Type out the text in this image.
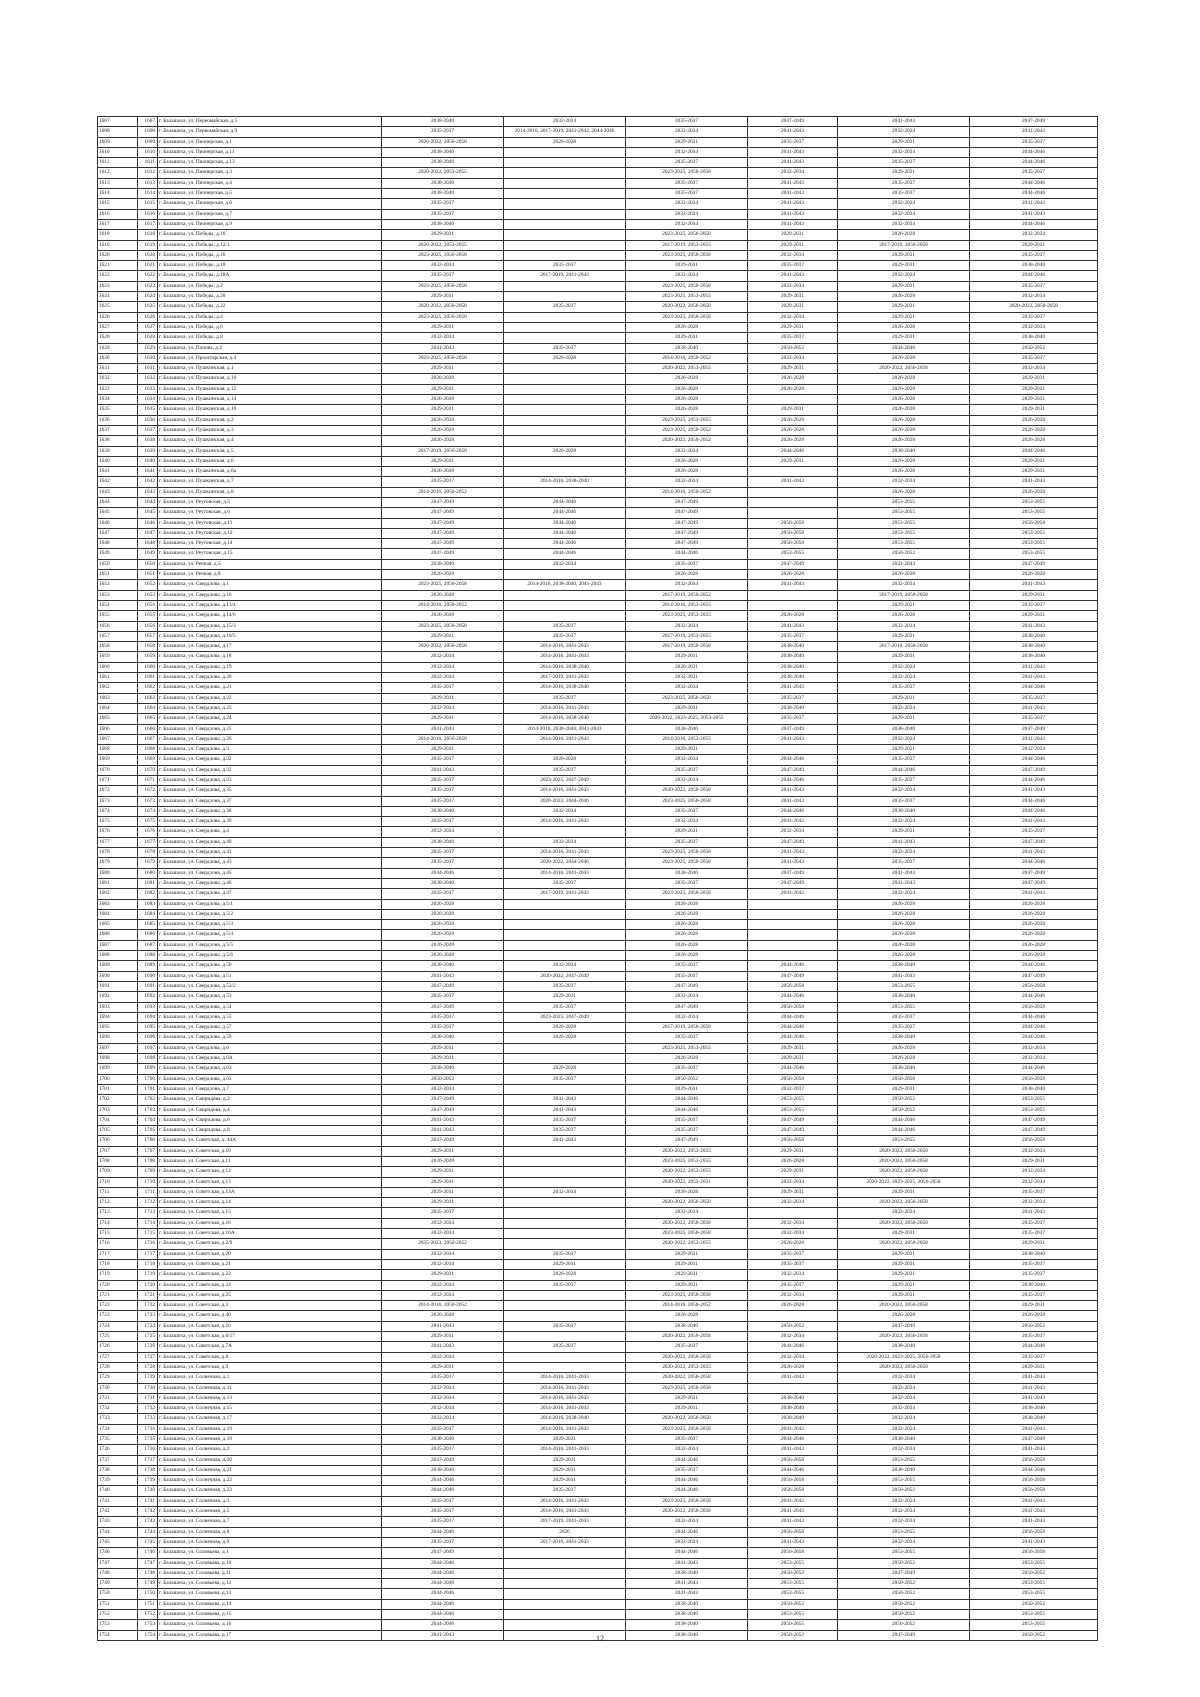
1607	1607	г. Балашиха, ул. Первомайская, д.5	2038-2040	2032-2034	2035-2037	2047-2049	2041-2043	2047-2049
1608	1608	г. Балашиха, ул. Первомайская, д.9	2035-2037	2014-2016, 2017-2019, 2041-2043, 2044-2046	2032-2034	2041-2043	2032-2034	2041-2043
1609	1609	г. Балашиха, ул. Пионерская, д.1	2020-2022, 2056-2058	2026-2028	2029-2031	2035-2037	2029-2031	2035-2037
1610	1610	г. Балашиха, ул. Пионерская, д.11	2038-2040		2032-2034	2041-2043	2032-2034	2044-2046
1611	1611	г. Балашиха, ул. Пионерская, д.13	2038-2040		2035-2037	2041-2043	2035-2037	2044-2046
1612	1612	г. Балашиха, ул. Пионерская, д.3	2020-2022, 2053-2055		2023-2025, 2056-2058	2032-2034	2029-2031	2035-2037
1613	1613	г. Балашиха, ул. Пионерская, д.4	2038-2040		2035-2037	2041-2043	2035-2037	2044-2046
1614	1614	г. Балашиха, ул. Пионерская, д.5	2038-2040		2035-2037	2041-2043	2035-2037	2044-2046
1615	1615	г. Балашиха, ул. Пионерская, д.6	2035-2037		2032-2034	2041-2043	2032-2034	2041-2043
1616	1616	г. Балашиха, ул. Пионерская, д.7	2035-2037		2032-2034	2041-2043	2032-2034	2041-2043
1617	1617	г. Балашиха, ул. Пионерская, д.9	2038-2040		2032-2034	2041-2043	2032-2034	2044-2046
1618	1618	г. Балашиха, ул. Победы, д.10	2029-2031		2023-2025, 2056-2058	2029-2031	2026-2028	2032-2034
1619	1619	г. Балашиха, ул. Победы, д.12/1	2020-2022, 2053-2055		2017-2019, 2053-2055	2029-2031	2017-2019, 2056-2058	2029-2031
1620	1620	г. Балашиха, ул. Победы, д.16	2023-2025, 2056-2058		2023-2025, 2056-2058	2032-2034	2029-2031	2035-2037
1621	1621	г. Балашиха, ул. Победы, д.18	2032-2034	2035-2037	2029-2031	2035-2037	2029-2031	2038-2040
1622	1622	г. Балашиха, ул. Победы, д.18А	2035-2037	2017-2019, 2041-2043	2032-2034	2041-2043	2032-2034	2044-2046
1623	1623	г. Балашиха, ул. Победы, д.2	2023-2025, 2056-2058		2023-2025, 2056-2058	2032-2034	2029-2031	2035-2037
1624	1624	г. Балашиха, ул. Победы, д.20	2029-2031		2023-2025, 2053-2055	2029-2031	2026-2028	2032-2034
1625	1625	г. Балашиха, ул. Победы, д.22	2020-2022, 2056-2058	2035-2037	2020-2022, 2056-2058	2029-2031	2029-2031	2020-2022, 2056-2058
1626	1626	г. Балашиха, ул. Победы, д.4	2023-2025, 2056-2058		2023-2025, 2056-2058	2032-2034	2029-2031	2035-2037
1627	1627	г. Балашиха, ул. Победы, д.6	2029-2031		2026-2028	2029-2031	2026-2028	2032-2034
1628	1628	г. Балашиха, ул. Победы, д.8	2032-2034		2029-2031	2035-2037	2029-2031	2038-2040
1629	1629	г. Балашиха, ул. Попова, д.2	2041-2043	2035-2037	2038-2040	2050-2052	2044-2046	2050-2052
1630	1630	г. Балашиха, ул. Пролетарская, д.4	2023-2025, 2056-2058	2026-2028	2014-2016, 2050-2052	2032-2034	2026-2028	2035-2037
1631	1631	г. Балашиха, ул. Пушкинская, д.1	2029-2031		2020-2022, 2053-2055	2029-2031	2020-2022, 2056-2058	2032-2034
1632	1632	г. Балашиха, ул. Пушкинская, д.10	2026-2028		2026-2028	2026-2028	2026-2028	2029-2031
1633	1633	г. Балашиха, ул. Пушкинская, д.12	2029-2031		2026-2028	2026-2028	2026-2028	2029-2031
1634	1634	г. Балашиха, ул. Пушкинская, д.14	2026-2028		2026-2028		2026-2028	2029-2031
1635	1635	г. Балашиха, ул. Пушкинская, д.16	2029-2031		2026-2028	2029-2031	2026-2028	2029-2031
1636	1636	г. Балашиха, ул. Пушкинская, д.2	2026-2028		2023-2025, 2053-2055	2026-2028	2026-2028	2026-2028
1637	1637	г. Балашиха, ул. Пушкинская, д.3	2026-2028		2023-2025, 2050-2052	2026-2028	2026-2028	2026-2028
1638	1638	г. Балашиха, ул. Пушкинская, д.4	2026-2028		2020-2022, 2050-2052	2026-2028	2026-2028	2026-2028
1639	1639	г. Балашиха, ул. Пушкинская, д.5	2017-2019, 2056-2058	2026-2028	2032-2034	2044-2046	2038-2040	2044-2046
1640	1640	г. Балашиха, ул. Пушкинская, д.6	2029-2031		2026-2028	2029-2031	2026-2028	2029-2031
1641	1641	г. Балашиха, ул. Пушкинская, д.6а	2026-2028		2026-2028		2026-2028	2029-2031
1642	1642	г. Балашиха, ул. Пушкинская, д.7	2035-2037	2014-2016, 2038-2040	2032-2034	2041-2043	2032-2034	2041-2043
1643	1643	г. Балашиха, ул. Пушкинская, д.8	2014-2016, 2050-2052		2014-2016, 2050-2052		2026-2028	2026-2028
1644	1644	г. Балашиха, ул. Реутовская, д.5	2047-2049	2044-2046	2047-2049		2053-2055	2053-2055
1645	1645	г. Балашиха, ул. Реутовская, д.6	2047-2049	2044-2046	2047-2049		2053-2055	2053-2055
1646	1646	г. Балашиха, ул. Реутовская, д.11	2047-2049	2044-2046	2047-2049	2056-2058	2053-2055	2056-2058
1647	1647	г. Балашиха, ул. Реутовская, д.12	2047-2049	2044-2046	2047-2049	2056-2058	2053-2055	2053-2055
1648	1648	г. Балашиха, ул. Реутовская, д.14	2047-2049	2044-2046	2047-2049	2056-2058	2053-2055	2053-2055
1649	1649	г. Балашиха, ул. Реутовская, д.15	2047-2049	2044-2046	2044-2046	2053-2055	2050-2052	2053-2055
1650	1650	г. Балашиха, ул. Речная, д.5	2038-2040	2032-2034	2035-2037	2047-2049	2041-2043	2047-2049
1651	1651	г. Балашиха, ул. Речная, д.8	2026-2028		2026-2028	2026-2028	2026-2028	2026-2028
1652	1652	г. Балашиха, ул. Свердлова, д.1	2023-2025, 2056-2058	2014-2016, 2038-2040, 2041-2043	2032-2034	2041-2043	2032-2034	2041-2043
1653	1653	г. Балашиха, ул. Свердлова, д.10	2026-2028		2017-2019, 2050-2052		2017-2019, 2056-2058	2029-2031
1654	1654	г. Балашиха, ул. Свердлова, д.13/4	2014-2016, 2050-2052		2014-2016, 2053-2055		2029-2031	2035-2037
1655	1655	г. Балашиха, ул. Свердлова, д.14/6	2026-2028		2023-2025, 2053-2055	2026-2028	2026-2028	2029-2031
1656	1656	г. Балашиха, ул. Свердлова, д.15/3	2023-2025, 2056-2058	2035-2037	2032-2034	2041-2043	2032-2034	2041-2043
1657	1657	г. Балашиха, ул. Свердлова, д.16/5	2029-2031	2035-2037	2017-2019, 2053-2055	2035-2037	2029-2031	2038-2040
1658	1658	г. Балашиха, ул. Свердлова, д.17	2020-2022, 2056-2058	2014-2016, 2041-2043	2017-2019, 2056-2058	2038-2040	2017-2019, 2056-2058	2038-2040
1659	1659	г. Балашиха, ул. Свердлова, д.18	2032-2034	2014-2016, 2041-2043	2029-2031	2038-2040	2029-2031	2038-2040
1660	1660	г. Балашиха, ул. Свердлова, д.19	2032-2034	2014-2016, 2038-2040	2020-2031	2038-2040	2032-2034	2041-2043
1661	1661	г. Балашиха, ул. Свердлова, д.20	2032-2034	2017-2019, 2041-2043	2032-2031	2038-2040	2032-2034	2041-2043
1662	1662	г. Балашиха, ул. Свердлова, д.21	2035-2037	2014-2016, 2038-2040	2032-2034	2041-2043	2035-2037	2044-2046
1663	1663	г. Балашиха, ул. Свердлова, д.22	2029-2031	2035-2037	2023-2025, 2056-2058	2035-2037	2029-2031	2035-2037
1664	1664	г. Балашиха, ул. Свердлова, д.23	2032-2034	2014-2016, 2041-2043	2029-2031	2038-2040	2032-2034	2041-2043
1665	1665	г. Балашиха, ул. Свердлова, д.24	2029-2031	2014-2016, 2038-2040	2020-2022, 2023-2025, 2053-2055	2035-2037	2029-2031	2035-2037
1666	1666	г. Балашиха, ул. Свердлова, д.25	2041-2043	2014-2016, 2038-2040, 2041-2043	2038-2040	2047-2049	2038-2040	2047-2049
1667	1667	г. Балашиха, ул. Свердлова, д.26	2014-2016, 2056-2058	2014-2016, 2041-2043	2014-2016, 2053-2055	2041-2043	2032-2034	2041-2043
1668	1668	г. Балашиха, ул. Свердлова, д.3	2029-2031		2029-2031		2029-2031	2032-2034
1669	1669	г. Балашиха, ул. Свердлова, д.32	2035-2037	2026-2028	2032-2034	2044-2046	2035-2037	2044-2046
1670	1670	г. Балашиха, ул. Свердлова, д.32	2041-2043	2035-2037	2035-2037	2047-2049	2044-2046	2047-2049
1671	1671	г. Балашиха, ул. Свердлова, д.33	2035-2037	2023-2025, 2047-2049	2032-2034	2044-2046	2035-2037	2044-2046
1672	1672	г. Балашиха, ул. Свердлова, д.35	2035-2037	2014-2016, 2041-2043	2020-2022, 2056-2058	2041-2043	2032-2034	2041-2043
1673	1673	г. Балашиха, ул. Свердлова, д.37	2035-2037	2020-2022, 2044-2046	2023-2025, 2056-2058	2041-2043	2035-2037	2044-2046
1674	1674	г. Балашиха, ул. Свердлова, д.38	2038-2040	2032-2034	2035-2037	2044-2046	2038-2040	2044-2046
1675	1675	г. Балашиха, ул. Свердлова, д.39	2035-2037	2014-2016, 2041-2043	2032-2034	2041-2043	2032-2034	2041-2043
1676	1676	г. Балашиха, ул. Свердлова, д.4	2032-2034		2029-2031	2032-2034	2029-2031	2035-2037
1677	1677	г. Балашиха, ул. Свердлова, д.40	2038-2040	2032-2034	2035-2037	2047-2049	2041-2043	2047-2049
1678	1678	г. Балашиха, ул. Свердлова, д.41	2035-2037	2014-2016, 2041-2043	2023-2025, 2056-2058	2041-2043	2032-2034	2041-2043
1679	1679	г. Балашиха, ул. Свердлова, д.43	2035-2037	2020-2022, 2044-2046	2023-2025, 2056-2058	2041-2043	2035-2037	2044-2046
1680	1680	г. Балашиха, ул. Свердлова, д.45	2044-2046	2014-2016, 2041-2043	2038-2040	2047-2049	2041-2043	2047-2049
1681	1681	г. Балашиха, ул. Свердлова, д.46	2038-2040	2035-2037	2035-2037	2047-2049	2041-2043	2047-2049
1682	1682	г. Балашиха, ул. Свердлова, д.47	2035-2037	2017-2019, 2041-2043	2023-2025, 2056-2058	2041-2043	2032-2034	2041-2043
1683	1683	г. Балашиха, ул. Свердлова, д.5/1	2026-2028		2026-2028		2026-2028	2026-2028
1684	1684	г. Балашиха, ул. Свердлова, д.5/2	2026-2028		2026-2028		2026-2028	2026-2028
1685	1685	г. Балашиха, ул. Свердлова, д.5/3	2026-2028		2026-2028		2026-2028	2026-2028
1686	1686	г. Балашиха, ул. Свердлова, д.5/4	2026-2028		2026-2028		2026-2028	2026-2028
1687	1687	г. Балашиха, ул. Свердлова, д.5/5	2026-2028		2026-2028		2026-2028	2026-2028
1688	1688	г. Балашиха, ул. Свердлова, д.5/6	2026-2028		2026-2028		2026-2028	2026-2028
1689	1689	г. Балашиха, ул. Свердлова, д.50	2038-2040	2032-2034	2035-2037	2044-2046	2038-2040	2044-2046
1690	1690	г. Балашиха, ул. Свердлова, д.51	2041-2043	2020-2022, 2047-2049	2035-2037	2047-2049	2041-2043	2047-2049
1691	1691	г. Балашиха, ул. Свердлова, д.52/2	2047-2049	2035-2037	2047-2049	2056-2058	2053-2055	2056-2058
1692	1692	г. Балашиха, ул. Свердлова, д.53	2035-2037	2029-2031	2032-2034	2044-2046	2038-2040	2044-2046
1693	1693	г. Балашиха, ул. Свердлова, д.54	2047-2049	2035-2037	2047-2049	2056-2058	2053-2055	2056-2058
1694	1694	г. Балашиха, ул. Свердлова, д.55	2035-2037	2023-2025, 2047-2049	2032-2034	2044-2046	2035-2037	2044-2046
1695	1695	г. Балашиха, ул. Свердлова, д.57	2035-2037	2026-2028	2017-2019, 2056-2058	2044-2046	2035-2037	2044-2046
1696	1696	г. Балашиха, ул. Свердлова, д.59	2038-2040	2026-2028	2035-2037	2044-2046	2038-2040	2044-2046
1697	1697	г. Балашиха, ул. Свердлова, д.6	2029-2031		2023-2025, 2053-2055	2029-2031	2026-2028	2032-2034
1698	1698	г. Балашиха, ул. Свердлова, д.6А	2029-2031		2026-2028	2029-2031	2026-2028	2032-2034
1699	1699	г. Балашиха, ул. Свердлова, д.63	2038-2040	2026-2028	2035-2037	2044-2046	2038-2040	2044-2046
1700	1700	г. Балашиха, ул. Свердлова, д.65	2050-2052	2035-2037	2050-2052	2056-2058	2056-2058	2056-2058
1701	1701	г. Балашиха, ул. Свердлова, д.7	2032-2034		2029-2031	2032-2037	2029-2031	2038-2040
1702	1702	г. Балашиха, ул. Свиридова, д.2	2047-2049	2041-2043	2044-2046	2053-2055	2050-2052	2053-2055
1703	1703	г. Балашиха, ул. Свиридова, д.4	2047-2049	2041-2043	2044-2046	2053-2055	2050-2052	2053-2055
1704	1704	г. Балашиха, ул. Свиридова, д.6	2041-2043	2035-2037	2035-2037	2047-2049	2044-2046	2047-2049
1705	1705	г. Балашиха, ул. Свиридова, д.8	2041-2043	2035-2037	2035-2037	2047-2049	2044-2046	2047-2049
1706	1706	г. Балашиха, ул. Советская, д. 44А	2047-2049	2041-2043	2047-2049	2056-2058	2053-2055	2056-2058
1707	1707	г. Балашиха, ул. Советская, д.10	2029-2031		2020-2022, 2053-2055	2029-2031	2020-2022, 2056-2058	2032-2034
1708	1708	г. Балашиха, ул. Советская, д.11	2026-2028		2023-2025, 2053-2055	2026-2028	2020-2022, 2056-2058	2029-2031
1709	1709	г. Балашиха, ул. Советская, д.12	2029-2031		2020-2022, 2053-2055	2029-2031	2020-2022, 2056-2058	2032-2034
1710	1710	г. Балашиха, ул. Советская, д.13	2029-2031		2020-2022, 2053-2031	2032-2034	2020-2022, 2023-2025, 2056-2058	2032-2034
1711	1711	г. Балашиха, ул. Советская, д.13А	2029-2031	2032-2034	2026-2028	2029-2031	2029-2031	2035-2037
1712	1712	г. Балашиха, ул. Советская, д.14	2029-2031		2020-2022, 2056-2058	2032-2034	2020-2022, 2056-2058	2032-2034
1713	1713	г. Балашиха, ул. Советская, д.15	2035-2037		2032-2034		2032-2034	2041-2043
1714	1714	г. Балашиха, ул. Советская, д.16	2032-2034		2020-2022, 2056-2058	2032-2034	2020-2022, 2056-2058	2035-2037
1715	1715	г. Балашиха, ул. Советская, д.16А	2032-2034		2023-2025, 2056-2058	2032-2034	2029-2031	2035-2037
1716	1716	г. Балашиха, ул. Советская, д.2/9	2035-2023, 2050-2052		2020-2022, 2053-2055	2026-2028	2020-2022, 2056-2058	2029-2031
1717	1717	г. Балашиха, ул. Советская, д.20	2032-2034	2035-2037	2029-2031	2035-2037	2029-2031	2038-2040
1718	1718	г. Балашиха, ул. Советская, д.21	2032-2034	2029-2031	2029-2031	2035-2037	2029-2031	2035-2037
1719	1719	г. Балашиха, ул. Советская, д.22	2029-2031	2026-2028	2029-2031	2032-2034	2029-2031	2035-2037
1720	1720	г. Балашиха, ул. Советская, д.24	2032-2034	2035-2037	2029-2031	2035-2037	2029-2031	2038-2040
1721	1721	г. Балашиха, ул. Советская, д.25	2032-2034		2023-2025, 2056-2058	2032-2034	2029-2031	2035-2037
1722	1722	г. Балашиха, ул. Советская, д.3	2014-2016, 2050-2052		2014-2016, 2050-2052	2026-2028	2020-2022, 2056-2058	2029-2031
1723	1723	г. Балашиха, ул. Советская, д.40	2026-2028		2026-2028		2026-2028	2026-2028
1724	1724	г. Балашиха, ул. Советская, д.56	2041-2043	2035-2037	2038-2040	2050-2052	2047-2049	2050-2052
1725	1725	г. Балашиха, ул. Советская, д.6/17	2029-2031		2020-2022, 2056-2058	2032-2034	2020-2022, 2056-2058	2035-2037
1726	1726	г. Балашиха, ул. Советская, д.7А	2041-2043	2035-2037	2035-2037	2044-2046	2038-2040	2044-2046
1727	1727	г. Балашиха, ул. Советская, д.8	2032-2034		2020-2022, 2056-2058	2032-2034	2020-2022, 2023-2025, 2056-2058	2035-2037
1728	1728	г. Балашиха, ул. Советская, д.9	2029-2031		2020-2022, 2053-2055	2026-2028	2020-2022, 2056-2058	2029-2031
1729	1729	г. Балашиха, ул. Солнечная, д.1	2035-2037	2014-2016, 2041-2043	2020-2022, 2056-2058	2041-2043	2032-2034	2041-2043
1730	1730	г. Балашиха, ул. Солнечная, д.11	2032-2034	2014-2016, 2041-2043	2023-2025, 2056-2058		2032-2034	2041-2043
1731	1731	г. Балашиха, ул. Солнечная, д.13	2032-2034	2014-2016, 2041-2043	2029-2031	2038-2040	2032-2034	2041-2043
1732	1732	г. Балашиха, ул. Солнечная, д.15	2032-2034	2014-2016, 2041-2043	2029-2031	2038-2040	2032-2034	2038-2040
1733	1733	г. Балашиха, ул. Солнечная, д.17	2032-2034	2014-2016, 2038-2040	2020-2022, 2056-2058	2038-2040	2032-2034	2038-2040
1734	1734	г. Балашиха, ул. Солнечная, д.19	2035-2037	2014-2016, 2041-2043	2023-2025, 2056-2058	2041-2043	2032-2034	2041-2043
1735	1735	г. Балашиха, ул. Солнечная, д.19	2038-2040	2029-2031	2035-2037	2044-2046	2038-2040	2047-2049
1736	1736	г. Балашиха, ул. Солнечная, д.2	2035-2037	2014-2016, 2041-2043	2032-2034	2041-2043	2032-2034	2041-2043
1737	1737	г. Балашиха, ул. Солнечная, д.20	2047-2049	2029-2031	2044-2046	2056-2058	2053-2055	2056-2058
1738	1738	г. Балашиха, ул. Солнечная, д.21	2038-2040	2029-2031	2035-2037	2044-2046	2038-2040	2044-2046
1739	1739	г. Балашиха, ул. Солнечная, д.22	2044-2046	2029-2031	2044-2046	2056-2058	2053-2055	2056-2058
1740	1740	г. Балашиха, ул. Солнечная, д.23	2044-2046	2035-2037	2044-2046	2056-2058	2050-2052	2056-2058
1741	1741	г. Балашиха, ул. Солнечная, д.3	2035-2037	2014-2016, 2041-2043	2023-2025, 2056-2058	2041-2043	2032-2034	2041-2043
1742	1742	г. Балашиха, ул. Солнечная, д.5	2035-2037	2014-2016, 2041-2043	2020-2022, 2056-2058	2041-2043	2032-2034	2041-2043
1743	1743	г. Балашиха, ул. Солнечная, д.7	2035-2037	2017-2019, 2041-2043	2032-2034	2041-2043	2032-2034	2041-2043
1744	1744	г. Балашиха, ул. Солнечная, д.8	2044-2046	2026	2044-2046	2056-2058	2053-2055	2056-2058
1745	1745	г. Балашиха, ул. Солнечная, д.9	2035-2037	2017-2019, 2041-2043	2032-2034	2041-2043	2032-2034	2041-2043
1746	1746	г. Балашиха, ул. Соловьева, д.1	2047-2049		2044-2046	2056-2058	2053-2055	2056-2058
1747	1747	г. Балашиха, ул. Соловьева, д.10	2044-2046		2041-2043	2053-2055	2050-2052	2053-2055
1748	1748	г. Балашиха, ул. Соловьева, д.11	2044-2046		2038-2040	2050-2052	2047-2049	2050-2052
1749	1749	г. Балашиха, ул. Соловьева, д.12	2044-2046		2041-2043	2053-2055	2050-2052	2053-2055
1750	1750	г. Балашиха, ул. Соловьева, д.13	2044-2046		2041-2043	2053-2055	2050-2052	2053-2055
1751	1751	г. Балашиха, ул. Соловьева, д.14	2044-2046		2038-2040	2050-2052	2050-2052	2050-2052
1752	1752	г. Балашиха, ул. Соловьева, д.15	2044-2046		2038-2040	2053-2055	2050-2052	2053-2055
1753	1753	г. Балашиха, ул. Соловьева, д.16	2044-2046		2038-2040	2050-2055	2050-2052	2053-2055
1754	1754	г. Балашиха, ул. Соловьева, д.17	2041-2043		2038-2040	2050-2052	2047-2049	2050-2052
12
